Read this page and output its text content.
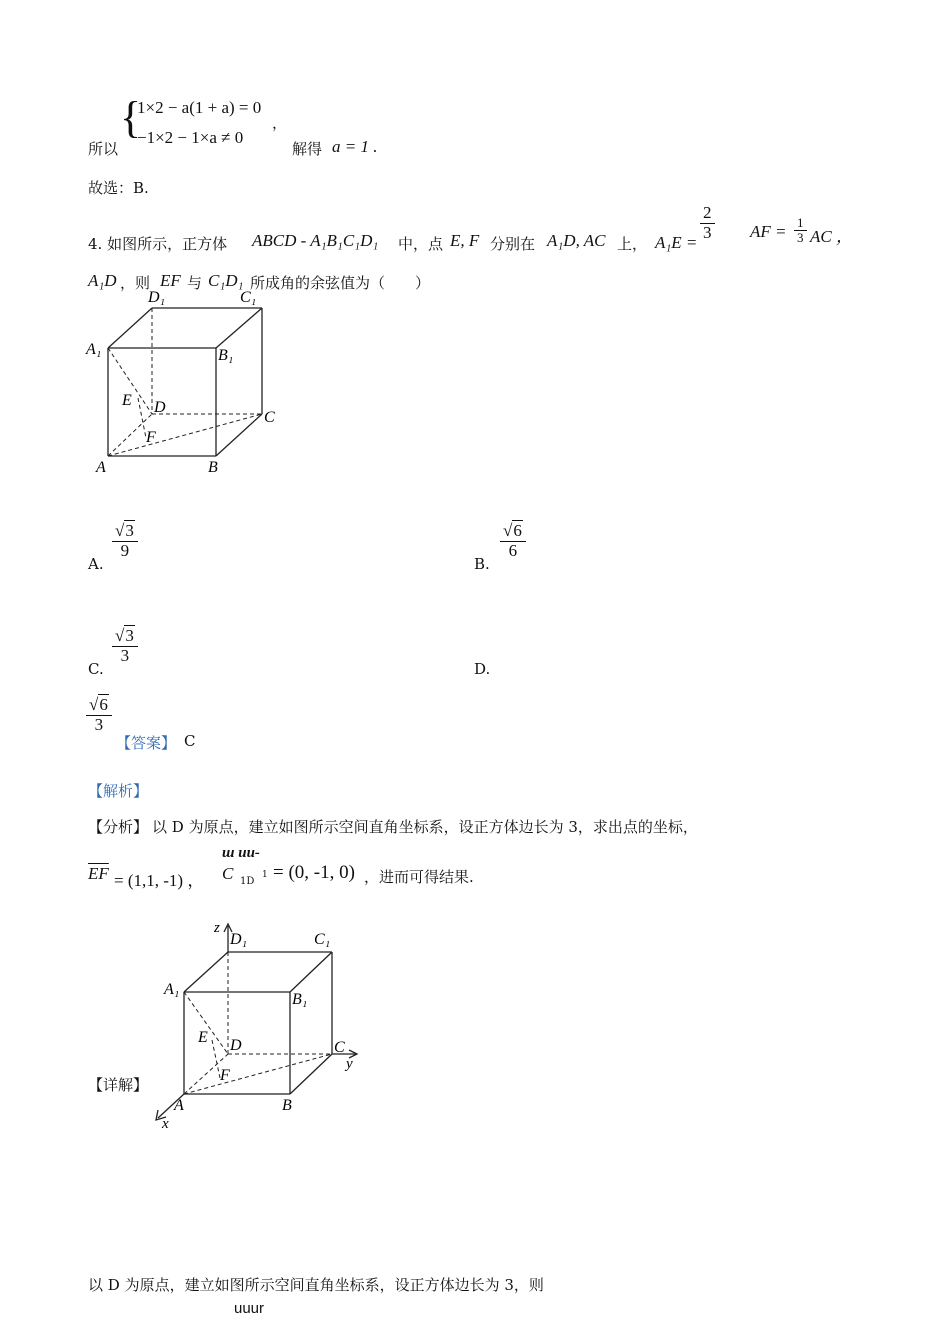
所以
{
1×2 − a(1 + a) = 0
−1×2 − 1×a ≠ 0
，
解得 a = 1 .
故选：B.
4. 如图所示，正方体 ABCD - A₁B₁C₁D₁ 中，点 E, F 分别在 A₁D, AC 上， A₁E =
$\frac{2}{3}$ AF = $\frac{1}{3}$ AC ，
A₁D ，则 EF 与 C₁D₁ 所成角的余弦值为（　　）
D₁	C₁
A₁	B₁
E D
C
F
A	B
A.
$\frac{√3}{9}$
B.
$\frac{√6}{6}$
C.
$\frac{√3}{3}$
D.
$\frac{√6}{3}$
【答案】 C
【解析】
【分析】 以 D 为原点，建立如图所示空间直角坐标系，设正方体边长为 3，求出点的坐标，
$\overline{EF} = (1,1$, -1) ，
ш uu-
C 1D
1 = (0, -1, 0) ，进而可得结果.
z
D₁	C₁
A₁
B₁
E D	C
y
F
A	B
x
【详解】
以 D 为原点，建立如图所示空间直角坐标系，设正方体边长为 3，则
uuur
